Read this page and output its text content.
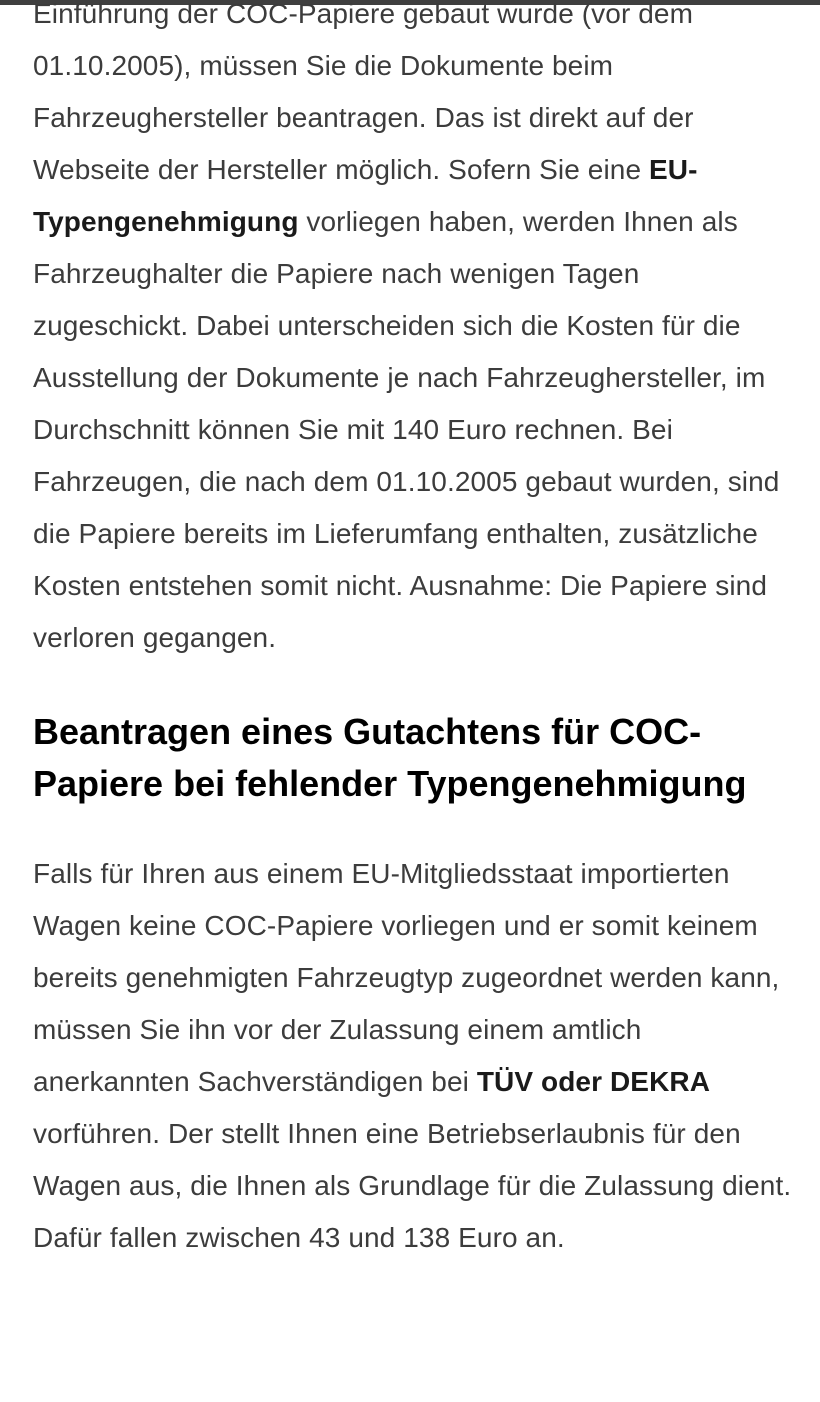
Einführung der COC-Papiere gebaut wurde (vor dem 01.10.2005), müssen Sie die Dokumente beim Fahrzeughersteller beantragen. Das ist direkt auf der Webseite der Hersteller möglich. Sofern Sie eine EU-Typengenehmigung vorliegen haben, werden Ihnen als Fahrzeughalter die Papiere nach wenigen Tagen zugeschickt. Dabei unterscheiden sich die Kosten für die Ausstellung der Dokumente je nach Fahrzeughersteller, im Durchschnitt können Sie mit 140 Euro rechnen. Bei Fahrzeugen, die nach dem 01.10.2005 gebaut wurden, sind die Papiere bereits im Lieferumfang enthalten, zusätzliche Kosten entstehen somit nicht. Ausnahme: Die Papiere sind verloren gegangen.

Beantragen eines Gutachtens für COC-Papiere bei fehlender Typengenehmigung

Falls für Ihren aus einem EU-Mitgliedsstaat importierten Wagen keine COC-Papiere vorliegen und er somit keinem bereits genehmigten Fahrzeugtyp zugeordnet werden kann, müssen Sie ihn vor der Zulassung einem amtlich anerkannten Sachverständigen bei TÜV oder DEKRA vorführen. Der stellt Ihnen eine Betriebserlaubnis für den Wagen aus, die Ihnen als Grundlage für die Zulassung dient. Dafür fallen zwischen 43 und 138 Euro an.
